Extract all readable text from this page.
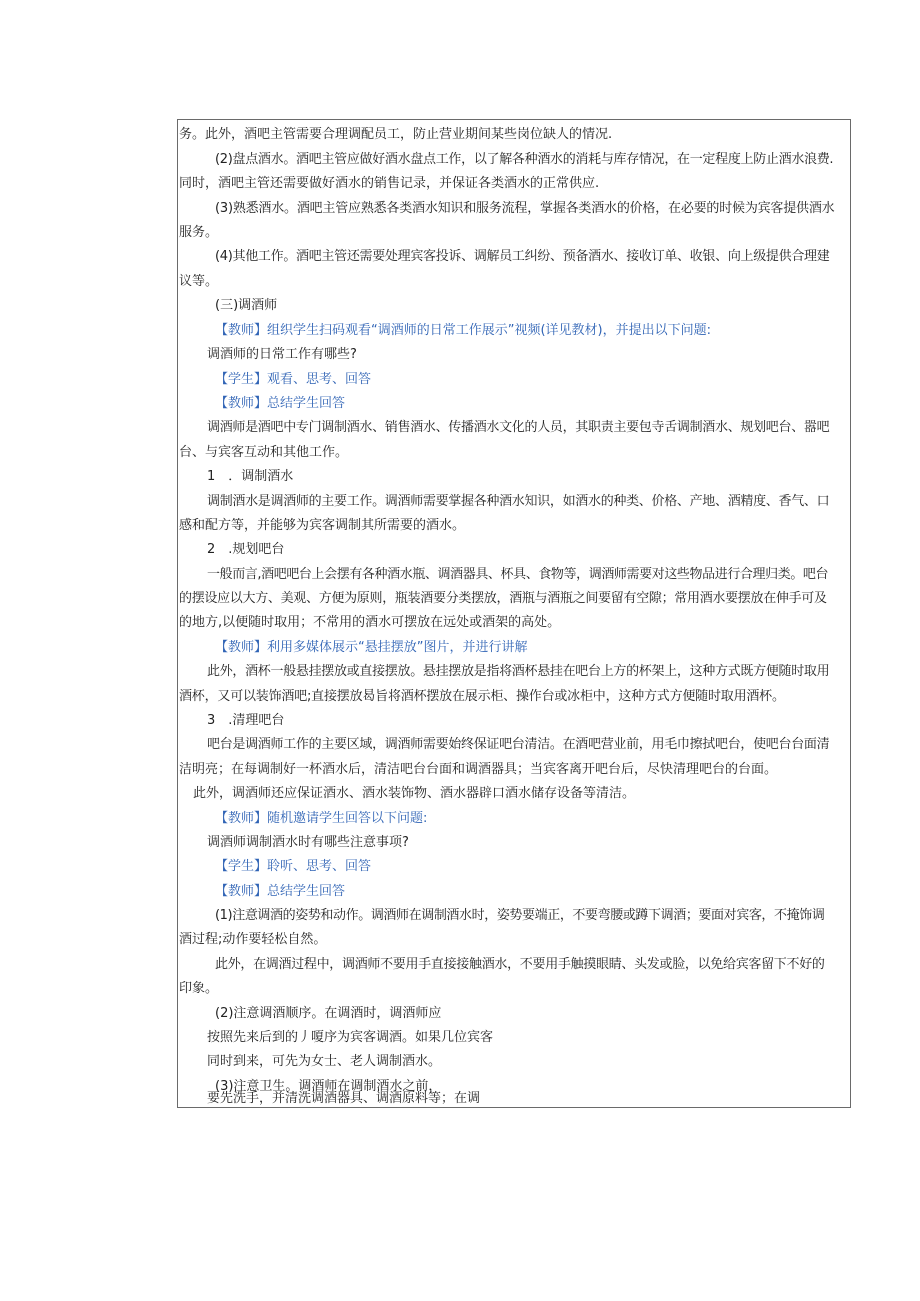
务。此外，酒吧主管需要合理调配员工，防止营业期间某些岗位缺人的情况.
(2)盘点酒水。酒吧主管应做好酒水盘点工作，以了解各种酒水的消耗与库存情况，在一定程度上防止酒水浪费.
同时，酒吧主管还需要做好酒水的销售记录，并保证各类酒水的正常供应.
(3)熟悉酒水。酒吧主管应熟悉各类酒水知识和服务流程，掌握各类酒水的价格，在必要的时候为宾客提供酒水
服务。
(4)其他工作。酒吧主管还需要处理宾客投诉、调解员工纠纷、预备酒水、接收订单、收银、向上级提供合理建
议等。
(三)调酒师
【教师】组织学生扫码观看“调酒师的日常工作展示”视频(详见教材)，并提出以下问题:
调酒师的日常工作有哪些?
【学生】观看、思考、回答
【教师】总结学生回答
调酒师是酒吧中专门调制酒水、销售酒水、传播酒水文化的人员，其职责主要包寺舌调制酒水、规划吧台、嚣吧
台、与宾客互动和其他工作。
1　．调制酒水
调制酒水是调酒师的主要工作。调酒师需要掌握各种酒水知识，如酒水的种类、价格、产地、酒精度、香气、口
感和配方等，并能够为宾客调制其所需要的酒水。
2　.规划吧台
一般而言,酒吧吧台上会摆有各种酒水瓶、调酒器具、杯具、食物等，调酒师需要对这些物品进行合理归类。吧台
的摆设应以大方、美观、方便为原则，瓶装酒要分类摆放，酒瓶与酒瓶之间要留有空隙；常用酒水要摆放在伸手可及
的地方,以便随时取用；不常用的酒水可摆放在远处或酒架的高处。
【教师】利用多媒体展示“悬挂摆放”图片，并进行讲解
此外，酒杯一般悬挂摆放或直接摆放。悬挂摆放是指将酒杯悬挂在吧台上方的杯架上，这种方式既方便随时取用
酒杯，又可以装饰酒吧;直接摆放曷旨将酒杯摆放在展示柜、操作台或冰柜中，这种方式方便随时取用酒杯。
3　.清理吧台
吧台是调酒师工作的主要区域，调酒师需要始终保证吧台清洁。在酒吧营业前，用毛巾擦拭吧台，使吧台台面清
洁明亮；在每调制好一杯酒水后，清洁吧台台面和调酒器具；当宾客离开吧台后，尽快清理吧台的台面。
此外，调酒师还应保证酒水、酒水装饰物、酒水器辟口酒水储存设备等清洁。
【教师】随机邀请学生回答以下问题:
调酒师调制酒水时有哪些注意事项?
【学生】聆听、思考、回答
【教师】总结学生回答
(1)注意调酒的姿势和动作。调酒师在调制酒水时，姿势要端正，不要弯腰或蹲下调酒；要面对宾客，不掩饰调
酒过程;动作要轻松自然。
此外，在调酒过程中，调酒师不要用手直接接触酒水，不要用手触摸眼睛、头发或脸，以免给宾客留下不好的
印象。
(2)注意调酒顺序。在调酒时，调酒师应
按照先来后到的丿嗄序为宾客调酒。如果几位宾客
同时到来，可先为女士、老人调制酒水。
(3)注意卫生。调酒师在调制酒水之前，
要先洗手，并清洗调酒器具、调酒原料等；在调
